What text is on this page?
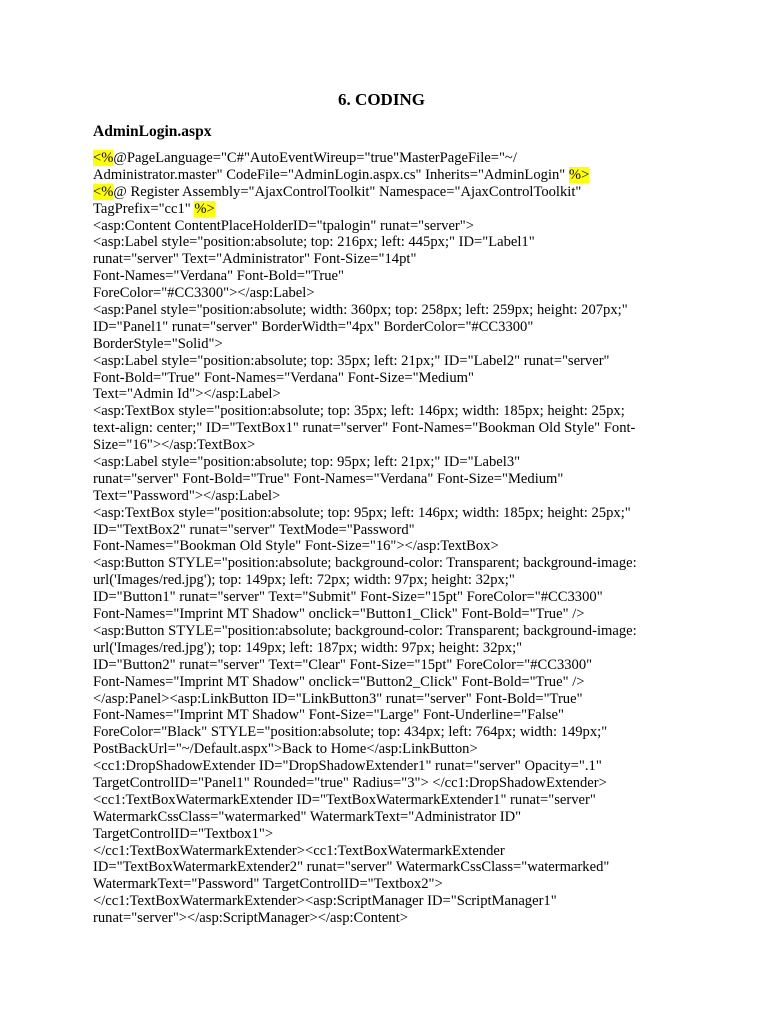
6. CODING
AdminLogin.aspx
<%@PageLanguage="C#"AutoEventWireup="true"MasterPageFile="~/
Administrator.master" CodeFile="AdminLogin.aspx.cs" Inherits="AdminLogin" %>
<%@ Register Assembly="AjaxControlToolkit" Namespace="AjaxControlToolkit"
TagPrefix="cc1" %>
<asp:Content ContentPlaceHolderID="tpalogin" runat="server">
<asp:Label style="position:absolute; top: 216px; left: 445px;" ID="Label1"
runat="server" Text="Administrator" Font-Size="14pt"
Font-Names="Verdana" Font-Bold="True"
ForeColor="#CC3300"></asp:Label>
<asp:Panel style="position:absolute; width: 360px; top: 258px; left: 259px; height: 207px;"
ID="Panel1" runat="server" BorderWidth="4px" BorderColor="#CC3300"
BorderStyle="Solid">
<asp:Label style="position:absolute; top: 35px; left: 21px;" ID="Label2" runat="server"
Font-Bold="True" Font-Names="Verdana" Font-Size="Medium"
Text="Admin Id"></asp:Label>
<asp:TextBox style="position:absolute; top: 35px; left: 146px; width: 185px; height: 25px;
text-align: center;" ID="TextBox1" runat="server" Font-Names="Bookman Old Style" Font-
Size="16"></asp:TextBox>
<asp:Label style="position:absolute; top: 95px; left: 21px;" ID="Label3"
runat="server" Font-Bold="True" Font-Names="Verdana" Font-Size="Medium"
Text="Password"></asp:Label>
<asp:TextBox style="position:absolute; top: 95px; left: 146px; width: 185px; height: 25px;"
ID="TextBox2" runat="server" TextMode="Password"
Font-Names="Bookman Old Style" Font-Size="16"></asp:TextBox>
<asp:Button STYLE="position:absolute; background-color: Transparent; background-image:
url('Images/red.jpg'); top: 149px; left: 72px; width: 97px; height: 32px;"
ID="Button1" runat="server" Text="Submit" Font-Size="15pt" ForeColor="#CC3300"
Font-Names="Imprint MT Shadow" onclick="Button1_Click" Font-Bold="True" />
<asp:Button STYLE="position:absolute; background-color: Transparent; background-image:
url('Images/red.jpg'); top: 149px; left: 187px; width: 97px; height: 32px;"
ID="Button2" runat="server" Text="Clear" Font-Size="15pt" ForeColor="#CC3300"
Font-Names="Imprint MT Shadow" onclick="Button2_Click" Font-Bold="True" />
</asp:Panel><asp:LinkButton ID="LinkButton3" runat="server" Font-Bold="True"
Font-Names="Imprint MT Shadow" Font-Size="Large" Font-Underline="False"
ForeColor="Black" STYLE="position:absolute; top: 434px; left: 764px; width: 149px;"
PostBackUrl="~/Default.aspx">Back to Home</asp:LinkButton>
<cc1:DropShadowExtender ID="DropShadowExtender1" runat="server" Opacity=".1"
TargetControlID="Panel1" Rounded="true" Radius="3"> </cc1:DropShadowExtender>
<cc1:TextBoxWatermarkExtender ID="TextBoxWatermarkExtender1" runat="server"
WatermarkCssClass="watermarked" WatermarkText="Administrator ID"
TargetControlID="Textbox1">
</cc1:TextBoxWatermarkExtender><cc1:TextBoxWatermarkExtender
ID="TextBoxWatermarkExtender2" runat="server" WatermarkCssClass="watermarked"
WatermarkText="Password" TargetControlID="Textbox2">
</cc1:TextBoxWatermarkExtender><asp:ScriptManager ID="ScriptManager1"
runat="server"></asp:ScriptManager></asp:Content>
